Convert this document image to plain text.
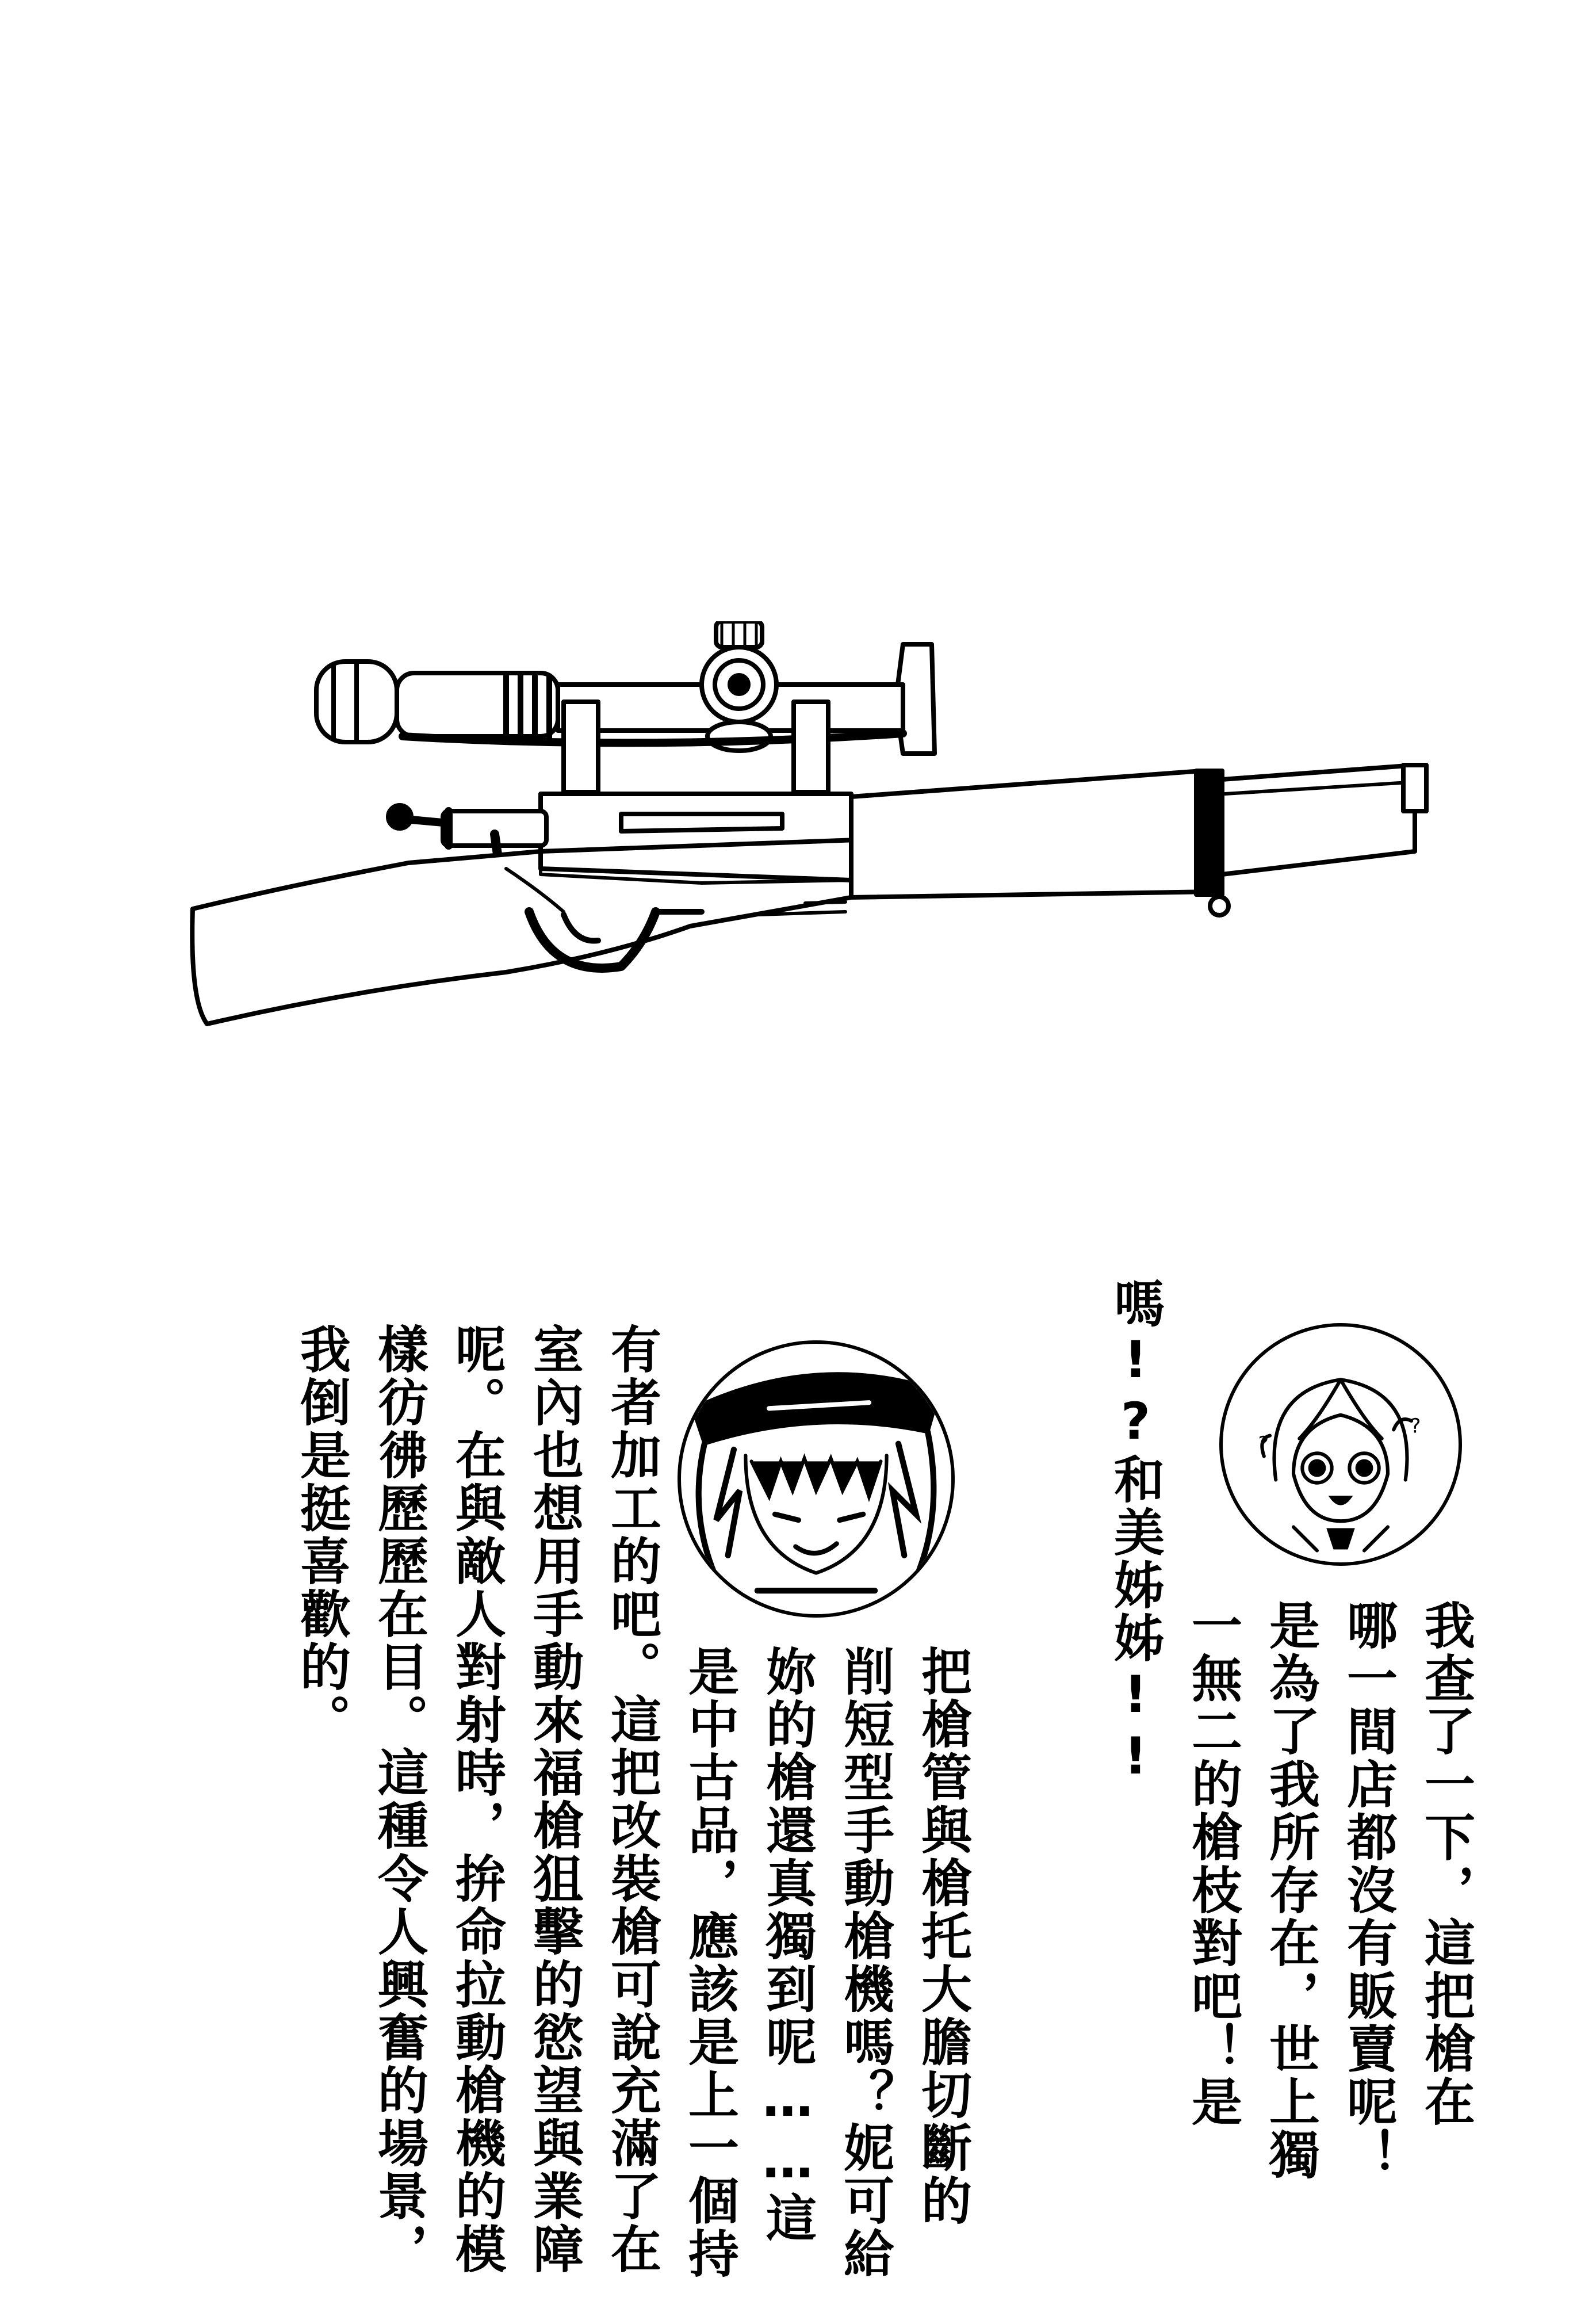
?
?
我查了一下，這把槍在
哪一間店都沒有販賣呢！
是為了我所存在，世上獨
一無二的槍枝對吧！是
嗎!?和美姊姊!!
把槍管與槍托大膽切斷的
削短型手動槍機嗎？妮可給
妳的槍還真獨到呢……這
是中古品，應該是上一個持
有者加工的吧。這把改裝槍可說充滿了在
室內也想用手動來福槍狙擊的慾望與業障
呢。在與敵人對射時，拚命拉動槍機的模
樣彷彿歷歷在目。這種令人興奮的場景，
我倒是挺喜歡的。
